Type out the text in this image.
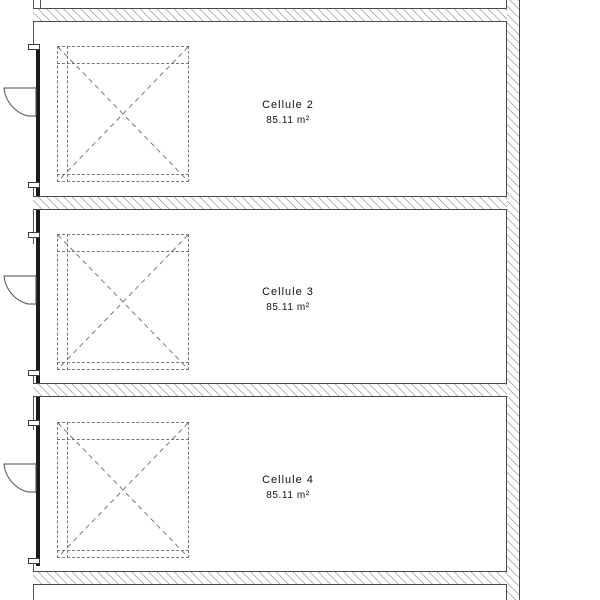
Cellule 2
85.11 m²
Cellule 3
85.11 m²
Cellule 4
85.11 m²
